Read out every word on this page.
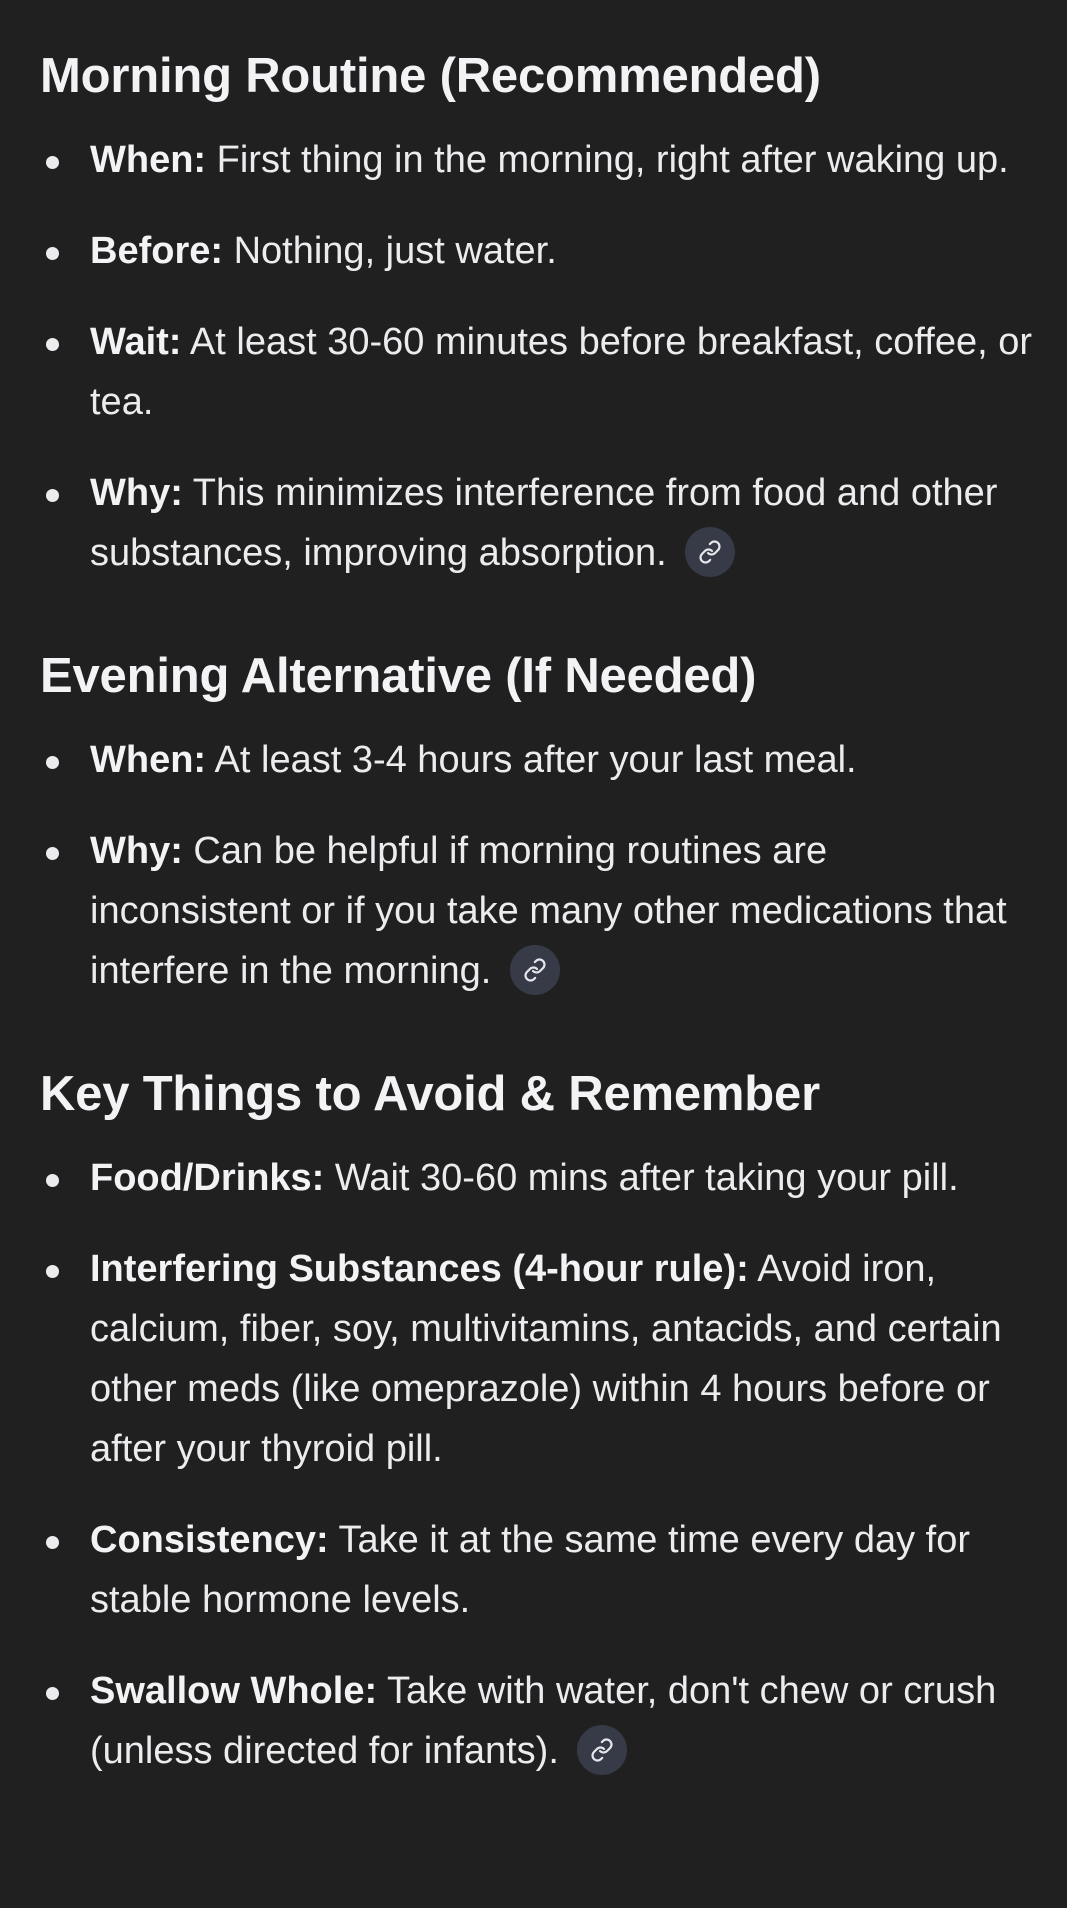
Morning Routine (Recommended)
When: First thing in the morning, right after waking up.
Before: Nothing, just water.
Wait: At least 30-60 minutes before breakfast, coffee, or tea.
Why: This minimizes interference from food and other substances, improving absorption.
Evening Alternative (If Needed)
When: At least 3-4 hours after your last meal.
Why: Can be helpful if morning routines are inconsistent or if you take many other medications that interfere in the morning.
Key Things to Avoid & Remember
Food/Drinks: Wait 30-60 mins after taking your pill.
Interfering Substances (4-hour rule): Avoid iron, calcium, fiber, soy, multivitamins, antacids, and certain other meds (like omeprazole) within 4 hours before or after your thyroid pill.
Consistency: Take it at the same time every day for stable hormone levels.
Swallow Whole: Take with water, don't chew or crush (unless directed for infants).
